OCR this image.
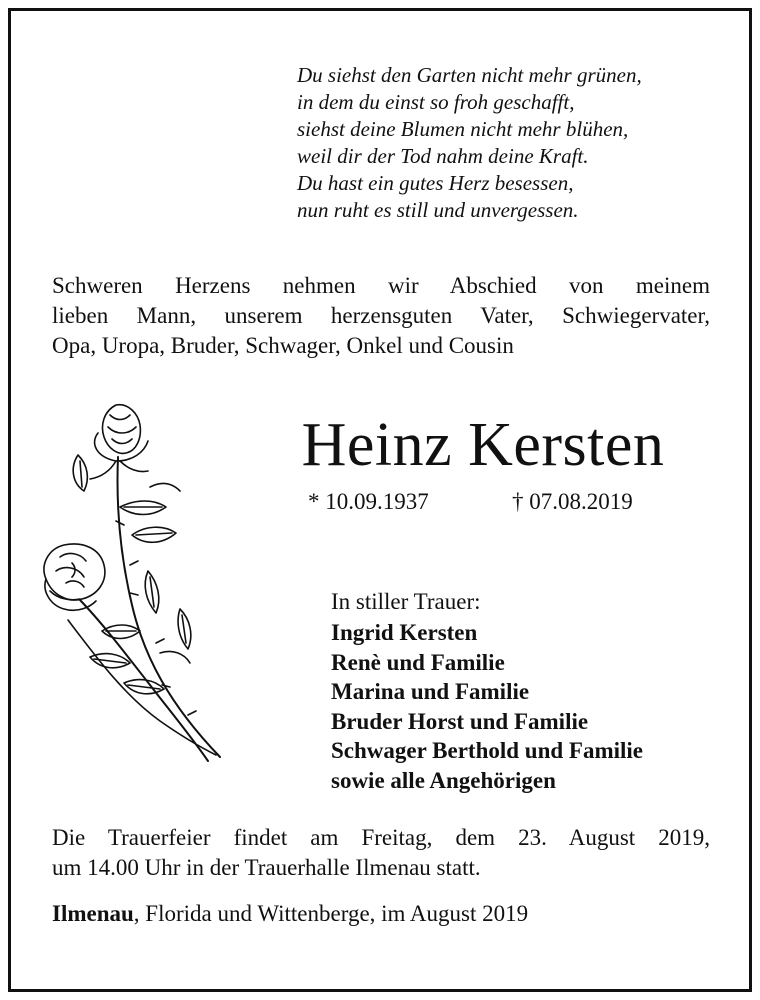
Du siehst den Garten nicht mehr grünen,
in dem du einst so froh geschafft,
siehst deine Blumen nicht mehr blühen,
weil dir der Tod nahm deine Kraft.
Du hast ein gutes Herz besessen,
nun ruht es still und unvergessen.
Schweren Herzens nehmen wir Abschied von meinem
lieben Mann, unserem herzensguten Vater, Schwiegervater,
Opa, Uropa, Bruder, Schwager, Onkel und Cousin
Heinz Kersten
* 10.09.1937	† 07.08.2019
In stiller Trauer:
Ingrid Kersten
Renè und Familie
Marina und Familie
Bruder Horst und Familie
Schwager Berthold und Familie
sowie alle Angehörigen
Die Trauerfeier findet am Freitag, dem 23. August 2019,
um 14.00 Uhr in der Trauerhalle Ilmenau statt.
Ilmenau, Florida und Wittenberge, im August 2019
